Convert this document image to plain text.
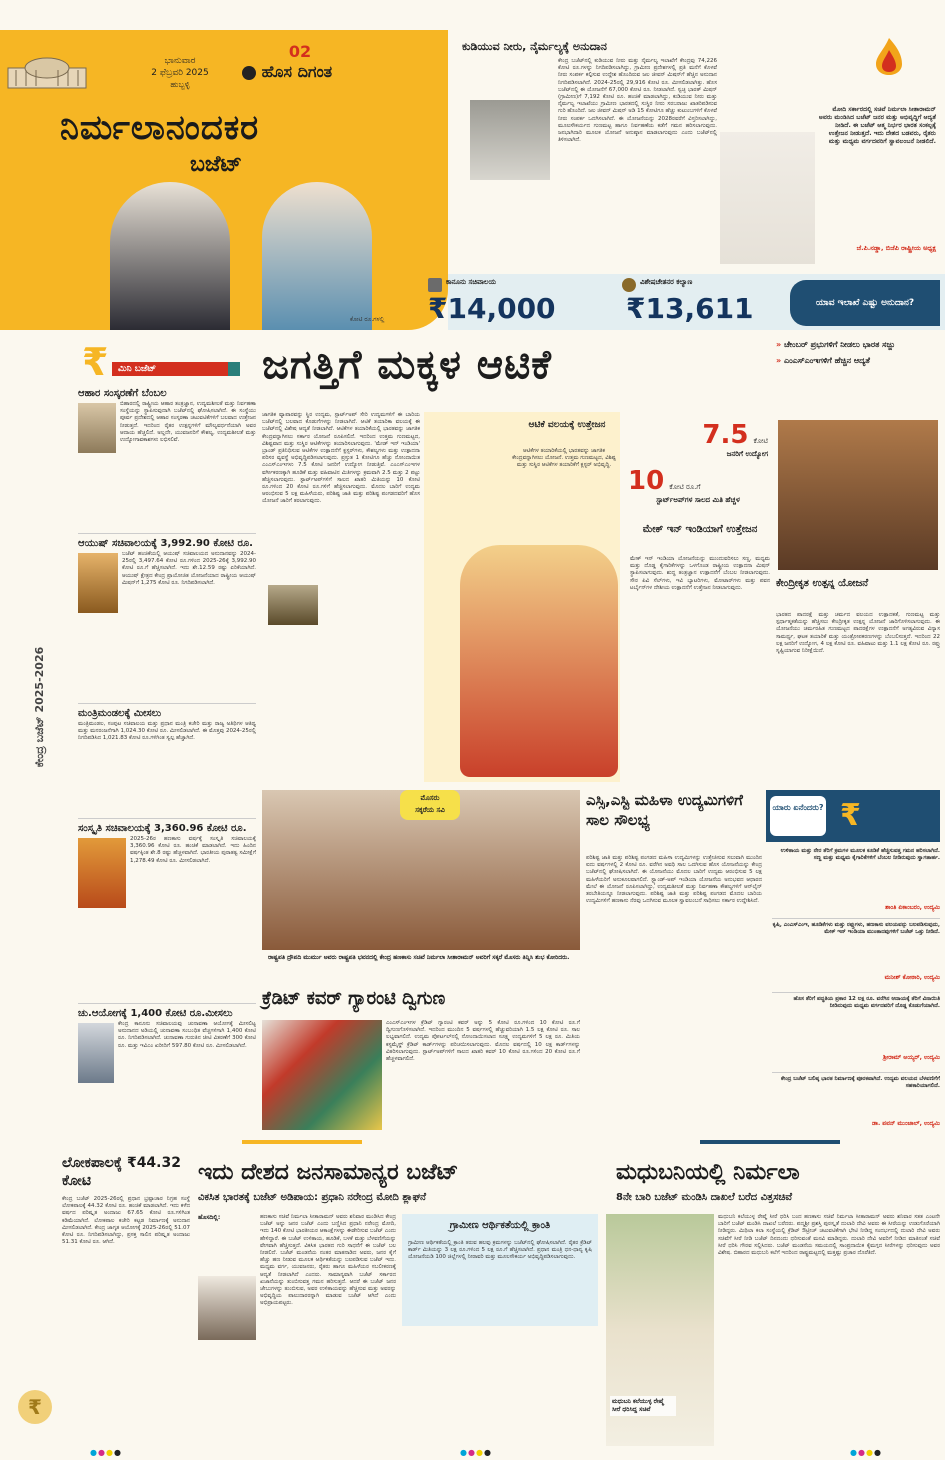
ಭಾನುವಾರ
2 ಫೆಬ್ರವರಿ 2025
ಹುಬ್ಬಳ್ಳಿ
02
ಹೊಸ ದಿಗಂತ
ನಿರ್ಮಲಾನಂದಕರ
ಬಜೆಟ್
ಕೇಂದ್ರ ಬಜೆಟ್ 2025-2026
ಕುಡಿಯುವ ನೀರು, ನೈರ್ಮಲ್ಯಕ್ಕೆ ಅನುದಾನ
ಕೇಂದ್ರ ಬಜೆಟ್‌ನಲ್ಲಿ ಕುಡಿಯುವ ನೀರು ಮತ್ತು ನೈರ್ಮಲ್ಯ ಇಲಾಖೆಗೆ ಕೇಂದ್ರವು 74,226 ಕೋಟಿ ರೂ.ಗಳನ್ನು ನಿಗದಿಪಡಿಸಲಾಗಿದ್ದು, ಗ್ರಾಮೀಣ ಪ್ರದೇಶಗಳಲ್ಲಿ ಪ್ರತಿ ಮನೆಗೆ ಕೊಳವೆ ನೀರು ಸಂಪರ್ಕ ಕಲ್ಪಿಸುವ ಉದ್ದೇಶ ಹೊಂದಿರುವ ಜಲ ಜೀವನ್ ಮಿಷನ್‌ಗೆ ಹೆಚ್ಚಿನ ಅನುದಾನ ನಿಗದಿಪಡಿಸಲಾಗಿದೆ. 2024-25ರಲ್ಲಿ 29,916 ಕೋಟಿ ರೂ. ಮೀಸಲಿಡಲಾಗಿತ್ತು. ಹೊಸ ಬಜೆಟ್‌ನಲ್ಲಿ ಈ ಯೋಜನೆಗೆ 67,000 ಕೋಟಿ ರೂ. ನೀಡಲಾಗಿದೆ. ಸ್ವಚ್ಛ ಭಾರತ್ ಮಿಷನ್ (ಗ್ರಾಮೀಣ)ಗೆ 7,192 ಕೋಟಿ ರೂ. ಹಂಚಿಕೆ ಮಾಡಲಾಗಿದ್ದು, ಕುಡಿಯುವ ನೀರು ಮತ್ತು ನೈರ್ಮಲ್ಯ ಇಲಾಖೆಯು ಗ್ರಾಮೀಣ ಭಾರತದಲ್ಲಿ ಸುಸ್ಥಿರ ನೀರು ಸರಬರಾಜು ಖಾತರಿಪಡಿಸುವ ಗುರಿ ಹೊಂದಿದೆ. ಜಲ ಜೀವನ್ ಮಿಷನ್ ಅಡಿ 15 ಕೋಟಿಗೂ ಹೆಚ್ಚು ಕುಟುಂಬಗಳಿಗೆ ಕೊಳವೆ ನೀರು ಸಂಪರ್ಕ ಒದಗಿಸಲಾಗಿದೆ. ಈ ಯೋಜನೆಯನ್ನು 2028ರವರೆಗೆ ವಿಸ್ತರಿಸಲಾಗಿದ್ದು, ಮೂಲಸೌಕರ್ಯದ ಗುಣಮಟ್ಟ ಹಾಗೂ ನಿರ್ವಹಣೆಯ ಕಡೆಗೆ ಗಮನ ಹರಿಸಲಾಗುವುದು. ಜನಭಾಗಿದಾರಿ ಮೂಲಕ ಯೋಜನೆ ಅನುಷ್ಠಾನ ಮಾಡಲಾಗುವುದು ಎಂದು ಬಜೆಟ್‌ನಲ್ಲಿ ತಿಳಿಸಲಾಗಿದೆ.
ಮೋದಿ ಸರ್ಕಾರದಲ್ಲಿ ಸಚಿವೆ ನಿರ್ಮಲಾ ಸೀತಾರಾಮನ್ ಅವರು ಮಂಡಿಸಿದ ಬಜೆಟ್ ಜನರ ಮತ್ತು ಅಭಿವೃದ್ಧಿಗೆ ಆದ್ಯತೆ ನೀಡಿದೆ. ಈ ಬಜೆಟ್ ಆತ್ಮ ನಿರ್ಭರ ಭಾರತ ಸಂಕಲ್ಪಕ್ಕೆ ಉತ್ತೇಜನ ನೀಡುತ್ತದೆ. ಇದು ದೇಶದ ಬಡವರು, ರೈತರು ಮತ್ತು ಮಧ್ಯಮ ವರ್ಗದವರಿಗೆ ಸ್ವಾವಲಂಬನೆ ನೀಡಲಿದೆ.
ಜೆ.ಪಿ.ನಡ್ಡಾ, ಬಿಜೆಪಿ ರಾಷ್ಟ್ರೀಯ ಅಧ್ಯಕ್ಷ
ಕಾನೂನು ಸಚಿವಾಲಯ
₹14,000
ಕೋಟಿ ರೂ.ಗಳಲ್ಲಿ
ವಿಶೇಷಚೇತನರ ಕಲ್ಯಾಣ
₹13,611	ಯಾವ ಇಲಾಖೆ ಎಷ್ಟು ಅನುದಾನ?
₹	ಮಿನಿ ಬಜೆಟ್
ಆಹಾರ ಸಂಸ್ಕರಣೆಗೆ ಬೆಂಬಲ
ಬಿಹಾರದಲ್ಲಿ ರಾಷ್ಟ್ರೀಯ ಆಹಾರ ತಂತ್ರಜ್ಞಾನ, ಉದ್ಯಮಶೀಲತೆ ಮತ್ತು ನಿರ್ವಹಣಾ ಸಂಸ್ಥೆಯನ್ನು ಸ್ಥಾಪಿಸುವುದಾಗಿ ಬಜೆಟ್‌ನಲ್ಲಿ ಘೋಷಿಸಲಾಗಿದೆ. ಈ ಸಂಸ್ಥೆಯು ಪೂರ್ವ ಪ್ರದೇಶದಲ್ಲಿ ಆಹಾರ ಸಂಸ್ಕರಣಾ ಚಟುವಟಿಕೆಗಳಿಗೆ ಬಲವಾದ ಉತ್ತೇಜನ ನೀಡುತ್ತದೆ. ಇದರಿಂದ ರೈತರ ಉತ್ಪನ್ನಗಳಿಗೆ ಮೌಲ್ಯವರ್ಧನೆಯಾಗಿ ಅವರ ಆದಾಯ ಹೆಚ್ಚಲಿದೆ. ಅಲ್ಲದೇ, ಯುವಜನರಿಗೆ ಕೌಶಲ್ಯ, ಉದ್ಯಮಶೀಲತೆ ಮತ್ತು ಉದ್ಯೋಗಾವಕಾಶಗಳು ಲಭಿಸಲಿವೆ.
ಆಯುಷ್ ಸಚಿವಾಲಯಕ್ಕೆ 3,992.90 ಕೋಟಿ ರೂ.
ಬಜೆಟ್ ಹಂಚಿಕೆಯಲ್ಲಿ ಆಯುಷ್ ಸಚಿವಾಲಯದ ಅನುದಾನವನ್ನು 2024-25ರಲ್ಲಿ 3,497.64 ಕೋಟಿ ರೂ.ಗಳಿಂದ 2025-26ಕ್ಕೆ 3,992.90 ಕೋಟಿ ರೂ.ಗೆ ಹೆಚ್ಚಿಸಲಾಗಿದೆ. ಇದು ಶೇ.12.59 ರಷ್ಟು ಏರಿಕೆಯಾಗಿದೆ. ಆಯುಷ್ ಕ್ಷೇತ್ರದ ಕೇಂದ್ರ ಪ್ರಾಯೋಜಿತ ಯೋಜನೆಯಾದ ರಾಷ್ಟ್ರೀಯ ಆಯುಷ್ ಮಿಷನ್‌ಗೆ 1,275 ಕೋಟಿ ರೂ. ನಿಗದಿಪಡಿಸಲಾಗಿದೆ.
ಮಂತ್ರಿಮಂಡಲಕ್ಕೆ ಮೀಸಲು
ಮಂತ್ರಿಮಂಡಲ, ಸಂಪುಟ ಸಚಿವಾಲಯ ಮತ್ತು ಪ್ರಧಾನ ಮಂತ್ರಿ ಕಚೇರಿ ಮತ್ತು ರಾಜ್ಯ ಅತಿಥಿಗಳ ಆತಿಥ್ಯ ಮತ್ತು ಮನರಂಜನೆಗಾಗಿ 1,024.30 ಕೋಟಿ ರೂ. ಮೀಸಲಿಡಲಾಗಿದೆ. ಈ ಮೊತ್ತವು 2024-25ರಲ್ಲಿ ನಿಗದಿಪಡಿಸಿದ 1,021.83 ಕೋಟಿ ರೂ.ಗಳಿಗಿಂತ ಸ್ವಲ್ಪ ಹೆಚ್ಚಾಗಿದೆ.
ಸಂಸ್ಕೃತಿ ಸಚಿವಾಲಯಕ್ಕೆ 3,360.96 ಕೋಟಿ ರೂ.
2025-26ರ ಹಣಕಾಸು ವರ್ಷಕ್ಕೆ ಸಂಸ್ಕೃತಿ ಸಚಿವಾಲಯಕ್ಕೆ 3,360.96 ಕೋಟಿ ರೂ. ಹಂಚಿಕೆ ಮಾಡಲಾಗಿದೆ. ಇದು ಹಿಂದಿನ ವರ್ಷಕ್ಕಿಂತ ಶೇ.8 ರಷ್ಟು ಹೆಚ್ಚಳವಾಗಿದೆ. ಭಾರತೀಯ ಪುರಾತತ್ವ ಸಮೀಕ್ಷೆಗೆ 1,278.49 ಕೋಟಿ ರೂ. ಮೀಸಲಿಡಲಾಗಿದೆ.
ಚು.ಆಯೋಗಕ್ಕೆ 1,400 ಕೋಟಿ ರೂ.ಮೀಸಲು
ಕೇಂದ್ರ ಕಾನೂನು ಸಚಿವಾಲಯವು ಚುನಾವಣಾ ಆಯೋಗಕ್ಕೆ ಮೀಸಲಿಟ್ಟ ಅನುದಾನದ ಅಡಿಯಲ್ಲಿ ಚುನಾವಣಾ ಸಂಬಂಧಿತ ವೆಚ್ಚಗಳಿಗಾಗಿ 1,400 ಕೋಟಿ ರೂ. ನಿಗದಿಪಡಿಸಲಾಗಿದೆ. ಚುನಾವಣಾ ಗುರುತಿನ ಚೀಟಿ ವಿತರಣೆಗೆ 300 ಕೋಟಿ ರೂ. ಮತ್ತು ಇವಿಎಂ ಖರೀದಿಗೆ 597.80 ಕೋಟಿ ರೂ. ಮೀಸಲಿಡಲಾಗಿದೆ.
ಜಗತ್ತಿಗೆ ಮಕ್ಕಳ ಆಟಿಕೆ
ಜಾಗತಿಕ ವ್ಯಾಪಾರವನ್ನು ಸ್ಥಿರ ಉದ್ಯಮ, ಸ್ಟಾರ್ಟ್‌ಅಪ್ ಸೇರಿ ಉದ್ಯಮಗಳಿಗೆ ಈ ಬಾರಿಯ ಬಜೆಟ್‌ನಲ್ಲಿ ಬಲವಾದ ಕೊಡುಗೆಗಳನ್ನು ನೀಡಲಾಗಿದೆ. ಆಟಿಕೆ ತಯಾರಿಕಾ ವಲಯಕ್ಕೆ ಈ ಬಜೆಟ್‌ನಲ್ಲಿ ವಿಶೇಷ ಆದ್ಯತೆ ನೀಡಲಾಗಿದೆ. ಆಟಿಕೆಗಳ ತಯಾರಿಕೆಯಲ್ಲಿ ಭಾರತವನ್ನು ಜಾಗತಿಕ ಕೇಂದ್ರವನ್ನಾಗಿಸಲು ಸರ್ಕಾರ ಯೋಜನೆ ರೂಪಿಸಲಿದೆ. ಇದರಿಂದ ಉತ್ತಮ ಗುಣಮಟ್ಟದ, ವಿಶಿಷ್ಟವಾದ ಮತ್ತು ಸುಸ್ಥಿರ ಆಟಿಕೆಗಳನ್ನು ತಯಾರಿಸಲಾಗುವುದು. 'ಮೇಡ್ ಇನ್ ಇಂಡಿಯಾ' ಬ್ರಾಂಡ್ ಪ್ರತಿನಿಧಿಸುವ ಆಟಿಕೆಗಳ ಉತ್ಪಾದನೆಗೆ ಕ್ಲಸ್ಟರ್‌ಗಳು, ಕೌಶಲ್ಯಗಳು ಮತ್ತು ಉತ್ಪಾದನಾ ಪರಿಸರ ವ್ಯವಸ್ಥೆ ಅಭಿವೃದ್ಧಿಪಡಿಸಲಾಗುವುದು. ಪ್ರಸ್ತುತ 1 ಕೋಟಿಗೂ ಹೆಚ್ಚು ನೋಂದಾಯಿತ ಎಂಎಸ್‌ಎಂಇಗಳು 7.5 ಕೋಟಿ ಜನರಿಗೆ ಉದ್ಯೋಗ ನೀಡುತ್ತಿವೆ. ಎಂಎಸ್‌ಎಂಇಗಳ ವರ್ಗೀಕರಣಕ್ಕಾಗಿ ಹೂಡಿಕೆ ಮತ್ತು ವಹಿವಾಟಿನ ಮಿತಿಗಳನ್ನು ಕ್ರಮವಾಗಿ 2.5 ಮತ್ತು 2 ಪಟ್ಟು ಹೆಚ್ಚಿಸಲಾಗುವುದು. ಸ್ಟಾರ್ಟ್‌ಅಪ್‌ಗಳಿಗೆ ಸಾಲದ ಖಾತರಿ ಮಿತಿಯನ್ನು 10 ಕೋಟಿ ರೂ.ಗಳಿಂದ 20 ಕೋಟಿ ರೂ.ಗಳಿಗೆ ಹೆಚ್ಚಿಸಲಾಗುವುದು. ಮೊದಲ ಬಾರಿಗೆ ಉದ್ಯಮ ಆರಂಭಿಸುವ 5 ಲಕ್ಷ ಮಹಿಳೆಯರು, ಪರಿಶಿಷ್ಟ ಜಾತಿ ಮತ್ತು ಪರಿಶಿಷ್ಟ ಪಂಗಡದವರಿಗೆ ಹೊಸ ಯೋಜನೆ ಜಾರಿಗೆ ತರಲಾಗುವುದು.
ಆಟಿಕೆ ವಲಯಕ್ಕೆ ಉತ್ತೇಜನ
ಆಟಿಕೆಗಳ ತಯಾರಿಕೆಯಲ್ಲಿ ಭಾರತವನ್ನು ಜಾಗತಿಕ ಕೇಂದ್ರವನ್ನಾಗಿಸಲು ಯೋಜನೆ. ಉತ್ತಮ ಗುಣಮಟ್ಟದ, ವಿಶಿಷ್ಟ ಮತ್ತು ಸುಸ್ಥಿರ ಆಟಿಕೆಗಳ ತಯಾರಿಕೆಗೆ ಕ್ಲಸ್ಟರ್ ಅಭಿವೃದ್ಧಿ.
7.5 ಕೋಟಿ
ಜನರಿಗೆ ಉದ್ಯೋಗ
10 ಕೋಟಿ ರೂ.ಗೆ
ಸ್ಟಾರ್ಟ್‌ಅಪ್‌ಗಳ ಸಾಲದ ಮಿತಿ ಹೆಚ್ಚಳ
ಮೇಕ್ ಇನ್ ಇಂಡಿಯಾಗೆ ಉತ್ತೇಜನ
ಮೇಕ್ ಇನ್ ಇಂಡಿಯಾ ಯೋಜನೆಯನ್ನು ಮುಂದುವರಿಸಲು ಸಣ್ಣ, ಮಧ್ಯಮ ಮತ್ತು ದೊಡ್ಡ ಕೈಗಾರಿಕೆಗಳನ್ನು ಒಳಗೊಂಡ ರಾಷ್ಟ್ರೀಯ ಉತ್ಪಾದನಾ ಮಿಷನ್ ಸ್ಥಾಪಿಸಲಾಗುವುದು. ಶುದ್ಧ ತಂತ್ರಜ್ಞಾನ ಉತ್ಪಾದನೆಗೆ ಬೆಂಬಲ ನೀಡಲಾಗುವುದು. ಸೌರ ಪಿವಿ ಸೆಲ್‌ಗಳು, ಇವಿ ಬ್ಯಾಟರಿಗಳು, ಮೋಟಾರ್‌ಗಳು ಮತ್ತು ಪವನ ಟರ್ಬೈನ್‌ಗಳ ದೇಶೀಯ ಉತ್ಪಾದನೆಗೆ ಉತ್ತೇಜನ ನೀಡಲಾಗುವುದು.
» ಚೇಂಬರ್ ಪ್ರಭುಗಳಿಗೆ ನೀಡಲು ಭಾರತ ಸಜ್ಜು
» ಎಂಎಸ್‌ಎಂಇಗಳಿಗೆ ಹೆಚ್ಚಿನ ಆದ್ಯತೆ
ಕೇಂದ್ರೀಕೃತ ಉತ್ಪನ್ನ ಯೋಜನೆ
ಭಾರತದ ಪಾದರಕ್ಷೆ ಮತ್ತು ಚರ್ಮದ ವಲಯದ ಉತ್ಪಾದಕತೆ, ಗುಣಮಟ್ಟ ಮತ್ತು ಸ್ಪರ್ಧಾತ್ಮಕತೆಯನ್ನು ಹೆಚ್ಚಿಸಲು ಕೇಂದ್ರೀಕೃತ ಉತ್ಪನ್ನ ಯೋಜನೆ ಜಾರಿಗೊಳಿಸಲಾಗುವುದು. ಈ ಯೋಜನೆಯು ಚರ್ಮರಹಿತ ಗುಣಮಟ್ಟದ ಪಾದರಕ್ಷೆಗಳ ಉತ್ಪಾದನೆಗೆ ಅಗತ್ಯವಿರುವ ವಿನ್ಯಾಸ ಸಾಮರ್ಥ್ಯ, ಘಟಕ ತಯಾರಿಕೆ ಮತ್ತು ಯಂತ್ರೋಪಕರಣಗಳನ್ನು ಬೆಂಬಲಿಸುತ್ತದೆ. ಇದರಿಂದ 22 ಲಕ್ಷ ಜನರಿಗೆ ಉದ್ಯೋಗ, 4 ಲಕ್ಷ ಕೋಟಿ ರೂ. ವಹಿವಾಟು ಮತ್ತು 1.1 ಲಕ್ಷ ಕೋಟಿ ರೂ. ರಫ್ತು ಸೃಷ್ಟಿಯಾಗುವ ನಿರೀಕ್ಷೆಯಿದೆ.
ಮೊಸರು
ಸಕ್ಕರೆಯ ಸವಿ
ರಾಷ್ಟ್ರಪತಿ ದ್ರೌಪದಿ ಮುರ್ಮು ಅವರು ರಾಷ್ಟ್ರಪತಿ ಭವನದಲ್ಲಿ ಕೇಂದ್ರ ಹಣಕಾಸು ಸಚಿವೆ ನಿರ್ಮಲಾ ಸೀತಾರಾಮನ್ ಅವರಿಗೆ ಸಕ್ಕರೆ ಮೊಸರು ತಿನ್ನಿಸಿ ಶುಭ ಕೋರಿದರು.
ಕ್ರೆಡಿಟ್ ಕವರ್ ಗ್ಯಾರಂಟಿ ದ್ವಿಗುಣ
ಎಂಎಸ್‌ಎಂಇಗಳ ಕ್ರೆಡಿಟ್ ಗ್ಯಾರಂಟಿ ಕವರ್ ಅನ್ನು 5 ಕೋಟಿ ರೂ.ಗಳಿಂದ 10 ಕೋಟಿ ರೂ.ಗೆ ದ್ವಿಗುಣಗೊಳಿಸಲಾಗಿದೆ. ಇದರಿಂದ ಮುಂದಿನ 5 ವರ್ಷಗಳಲ್ಲಿ ಹೆಚ್ಚುವರಿಯಾಗಿ 1.5 ಲಕ್ಷ ಕೋಟಿ ರೂ. ಸಾಲ ಲಭ್ಯವಾಗಲಿದೆ. ಉದ್ಯಮ ಪೋರ್ಟಲ್‌ನಲ್ಲಿ ನೋಂದಾಯಿಸಲಾದ ಸೂಕ್ಷ್ಮ ಉದ್ಯಮಗಳಿಗೆ 5 ಲಕ್ಷ ರೂ. ಮಿತಿಯ ಕಸ್ಟಮೈಸ್ಡ್ ಕ್ರೆಡಿಟ್ ಕಾರ್ಡ್‌ಗಳನ್ನು ಪರಿಚಯಿಸಲಾಗುವುದು. ಮೊದಲ ವರ್ಷದಲ್ಲಿ 10 ಲಕ್ಷ ಕಾರ್ಡ್‌ಗಳನ್ನು ವಿತರಿಸಲಾಗುವುದು. ಸ್ಟಾರ್ಟ್‌ಅಪ್‌ಗಳಿಗೆ ಸಾಲದ ಖಾತರಿ ಕವರ್ 10 ಕೋಟಿ ರೂ.ಗಳಿಂದ 20 ಕೋಟಿ ರೂ.ಗೆ ಹೆಚ್ಚಳವಾಗಲಿದೆ.
ಎಸ್ಸಿ,ಎಸ್ಟಿ ಮಹಿಳಾ ಉದ್ಯಮಿಗಳಿಗೆ ಸಾಲ ಸೌಲಭ್ಯ
ಪರಿಶಿಷ್ಟ ಜಾತಿ ಮತ್ತು ಪರಿಶಿಷ್ಟ ಪಂಗಡದ ಮಹಿಳಾ ಉದ್ಯಮಿಗಳನ್ನು ಉತ್ತೇಜಿಸುವ ಸಲುವಾಗಿ ಮುಂದಿನ ಐದು ವರ್ಷಗಳಲ್ಲಿ 2 ಕೋಟಿ ರೂ. ವರೆಗಿನ ಅವಧಿ ಸಾಲ ಒದಗಿಸುವ ಹೊಸ ಯೋಜನೆಯನ್ನು ಕೇಂದ್ರ ಬಜೆಟ್‌ನಲ್ಲಿ ಘೋಷಿಸಲಾಗಿದೆ. ಈ ಯೋಜನೆಯು ಮೊದಲ ಬಾರಿಗೆ ಉದ್ಯಮ ಆರಂಭಿಸುವ 5 ಲಕ್ಷ ಮಹಿಳೆಯರಿಗೆ ಅನುಕೂಲವಾಗಲಿದೆ. ಸ್ಟ್ಯಾಂಡ್-ಅಪ್ ಇಂಡಿಯಾ ಯೋಜನೆಯ ಅನುಭವದ ಆಧಾರದ ಮೇಲೆ ಈ ಯೋಜನೆ ರೂಪಿಸಲಾಗಿದ್ದು, ಉದ್ಯಮಶೀಲತೆ ಮತ್ತು ನಿರ್ವಹಣಾ ಕೌಶಲ್ಯಗಳಿಗೆ ಆನ್‌ಲೈನ್ ತರಬೇತಿಯನ್ನೂ ನೀಡಲಾಗುವುದು. ಪರಿಶಿಷ್ಟ ಜಾತಿ ಮತ್ತು ಪರಿಶಿಷ್ಟ ಪಂಗಡದ ಮೊದಲ ಬಾರಿಯ ಉದ್ಯಮಿಗಳಿಗೆ ಹಣಕಾಸು ನೆರವು ಒದಗಿಸುವ ಮೂಲಕ ಸ್ವಾವಲಂಬನೆ ಸಾಧಿಸಲು ಸರ್ಕಾರ ಉದ್ದೇಶಿಸಿದೆ.
ಯಾರು ಏನೆಂದರು? ₹
ಉಳಿತಾಯ ಮತ್ತು ನೇರ ತೆರಿಗೆ ಕ್ರಮಗಳ ಮೂಲಕ ಕೂಡಿಕೆ ಹೆಚ್ಚಿಸುವತ್ತ ಗಮನ ಹರಿಸಲಾಗಿದೆ. ಸಣ್ಣ ಮತ್ತು ಮಧ್ಯಮ ಕೈಗಾರಿಕೆಗಳಿಗೆ ಬೆಂಬಲ ನೀಡಿರುವುದು ಸ್ವಾಗತಾರ್ಹ.
ಶಾಂತಿ ಏಕಾಂಬರಂ, ಉದ್ಯಮಿ
ಕೃಷಿ, ಎಂಎಸ್‌ಎಂಇ, ಹೂಡಿಕೆಗಳು ಮತ್ತು ರಫ್ತುಗಳು, ಹಣಕಾಸು ವಲಯವನ್ನು ಬಲಪಡಿಸುವುದು, ಮೇಕ್ ಇನ್ ಇಂಡಿಯಾ ಮುಂತಾದವುಗಳಿಗೆ ಬಜೆಟ್ ಒತ್ತು ನೀಡಿದೆ.
ಮನೀಶ್ ಕೋಠಾರಿ, ಉದ್ಯಮಿ
ಹೊಸ ತೆರಿಗೆ ಪದ್ಧತಿಯ ಪ್ರಕಾರ 12 ಲಕ್ಷ ರೂ. ವರೆಗಿನ ಆದಾಯಕ್ಕೆ ತೆರಿಗೆ ವಿನಾಯಿತಿ ನೀಡಿರುವುದು ಮಧ್ಯಮ ವರ್ಗದವರಿಗೆ ದೊಡ್ಡ ಕೊಡುಗೆಯಾಗಿದೆ.
ಶ್ರೀರಾಮ್ ಅಯ್ಯರ್, ಉದ್ಯಮಿ
ಕೇಂದ್ರ ಬಜೆಟ್ ಬಲಿಷ್ಠ ಭಾರತ ನಿರ್ಮಾಣಕ್ಕೆ ಪೂರಕವಾಗಿದೆ. ಉದ್ಯಮ ವಲಯದ ಬೆಳವಣಿಗೆಗೆ ಸಹಕಾರಿಯಾಗಲಿದೆ.
ಡಾ. ಪವನ್ ಮುಂಜಾಲ್, ಉದ್ಯಮಿ
ಲೋಕಪಾಲಕ್ಕೆ ₹44.32 ಕೋಟಿ
ಕೇಂದ್ರ ಬಜೆಟ್ 2025-26ರಲ್ಲಿ ಪ್ರಧಾನ ಭ್ರಷ್ಟಾಚಾರ ನಿಗ್ರಹ ಸಂಸ್ಥೆ ಲೋಕಪಾಲಕ್ಕೆ 44.32 ಕೋಟಿ ರೂ. ಹಂಚಿಕೆ ಮಾಡಲಾಗಿದೆ. ಇದು ಕಳೆದ ವರ್ಷದ ಪರಿಷ್ಕೃತ ಅಂದಾಜು 67.65 ಕೋಟಿ ರೂ.ಗಳಿಗಿಂತ ಕಡಿಮೆಯಾಗಿದೆ. ಲೋಕಪಾಲ ಕಚೇರಿ ಕಟ್ಟಡ ನಿರ್ಮಾಣಕ್ಕೆ ಅನುದಾನ ಮೀಸಲಿಡಲಾಗಿದೆ. ಕೇಂದ್ರ ಜಾಗೃತ ಆಯೋಗಕ್ಕೆ 2025-26ರಲ್ಲಿ 51.07 ಕೋಟಿ ರೂ. ನಿಗದಿಪಡಿಸಲಾಗಿದ್ದು, ಪ್ರಸಕ್ತ ಸಾಲಿನ ಪರಿಷ್ಕೃತ ಅಂದಾಜು 51.31 ಕೋಟಿ ರೂ. ಆಗಿದೆ.
₹
ಇದು ದೇಶದ ಜನಸಾಮಾನ್ಯರ ಬಜೆಟ್
ವಿಕಸಿತ ಭಾರತಕ್ಕೆ ಬಜೆಟ್ ಅಡಿಪಾಯ: ಪ್ರಧಾನಿ ನರೇಂದ್ರ ಮೋದಿ ಶ್ಲಾಘನೆ
ಹೊಸದಿಲ್ಲಿ:	ಹಣಕಾಸು ಸಚಿವೆ ನಿರ್ಮಲಾ ಸೀತಾರಾಮನ್ ಅವರು ಶನಿವಾರ ಮಂಡಿಸಿದ ಕೇಂದ್ರ ಬಜೆಟ್ ಅನ್ನು ಜನರ ಬಜೆಟ್ ಎಂದು ಬಣ್ಣಿಸಿದ ಪ್ರಧಾನಿ ನರೇಂದ್ರ ಮೋದಿ, ಇದು 140 ಕೋಟಿ ಭಾರತೀಯರ ಆಕಾಂಕ್ಷೆಗಳನ್ನು ಈಡೇರಿಸುವ ಬಜೆಟ್ ಎಂದು ಹೇಳಿದ್ದಾರೆ. ಈ ಬಜೆಟ್ ಉಳಿತಾಯ, ಹೂಡಿಕೆ, ಬಳಕೆ ಮತ್ತು ಬೆಳವಣಿಗೆಯನ್ನು ವೇಗವಾಗಿ ಹೆಚ್ಚಿಸುತ್ತದೆ. ವಿಕಸಿತ ಭಾರತದ ಗುರಿ ಸಾಧನೆಗೆ ಈ ಬಜೆಟ್ ಬಲ ನೀಡಲಿದೆ. ಬಜೆಟ್ ಮಂಡನೆಯ ನಂತರ ಮಾತನಾಡಿದ ಅವರು, ಜನರ ಕೈಗೆ ಹೆಚ್ಚು ಹಣ ನೀಡುವ ಮೂಲಕ ಆರ್ಥಿಕತೆಯನ್ನು ಬಲಪಡಿಸುವ ಬಜೆಟ್ ಇದು. ಮಧ್ಯಮ ವರ್ಗ, ಯುವಜನರು, ರೈತರು ಹಾಗೂ ಮಹಿಳೆಯರ ಸಬಲೀಕರಣಕ್ಕೆ ಆದ್ಯತೆ ನೀಡಲಾಗಿದೆ ಎಂದರು. ಸಾಮಾನ್ಯವಾಗಿ ಬಜೆಟ್ ಸರ್ಕಾರದ ಖಜಾನೆಯನ್ನು ತುಂಬಿಸುವತ್ತ ಗಮನ ಹರಿಸುತ್ತದೆ. ಆದರೆ ಈ ಬಜೆಟ್ ಜನರ ಜೇಬುಗಳನ್ನು ತುಂಬಿಸುವ, ಅವರ ಉಳಿತಾಯವನ್ನು ಹೆಚ್ಚಿಸುವ ಮತ್ತು ಅವರನ್ನು ಅಭಿವೃದ್ಧಿಯ ಪಾಲುದಾರರನ್ನಾಗಿ ಮಾಡುವ ಬಜೆಟ್ ಆಗಿದೆ ಎಂದು ಅಭಿಪ್ರಾಯಪಟ್ಟರು.
ಗ್ರಾಮೀಣ ಆರ್ಥಿಕತೆಯಲ್ಲಿ ಕ್ರಾಂತಿ
ಗ್ರಾಮೀಣ ಆರ್ಥಿಕತೆಯಲ್ಲಿ ಕ್ರಾಂತಿ ತರುವ ಹಲವು ಕ್ರಮಗಳನ್ನು ಬಜೆಟ್‌ನಲ್ಲಿ ಘೋಷಿಸಲಾಗಿದೆ. ರೈತರ ಕ್ರೆಡಿಟ್ ಕಾರ್ಡ್ ಮಿತಿಯನ್ನು 3 ಲಕ್ಷ ರೂ.ಗಳಿಂದ 5 ಲಕ್ಷ ರೂ.ಗೆ ಹೆಚ್ಚಿಸಲಾಗಿದೆ. ಪ್ರಧಾನ ಮಂತ್ರಿ ಧನ-ಧಾನ್ಯ ಕೃಷಿ ಯೋಜನೆಯಡಿ 100 ಜಿಲ್ಲೆಗಳಲ್ಲಿ ನೀರಾವರಿ ಮತ್ತು ಮೂಲಸೌಕರ್ಯ ಅಭಿವೃದ್ಧಿಪಡಿಸಲಾಗುವುದು.
ಮಧುಬನಿಯಲ್ಲಿ ನಿರ್ಮಲಾ
8ನೇ ಬಾರಿ ಬಜೆಟ್ ಮಂಡಿಸಿ ದಾಖಲೆ ಬರೆದ ವಿತ್ತಸಚಿವೆ
ಮಧುಬನಿ ಕಲೆಯುಳ್ಳ ರೇಷ್ಮೆ ಸೀರೆ ಧರಿಸಿದ್ದ ಸಚಿವೆ
ಮಧುಬನಿ ಕಲೆಯುಳ್ಳ ರೇಷ್ಮೆ ಸೀರೆ ಧರಿಸಿ ಬಂದ ಹಣಕಾಸು ಸಚಿವೆ ನಿರ್ಮಲಾ ಸೀತಾರಾಮನ್ ಅವರು ಶನಿವಾರ ಸತತ ಎಂಟನೇ ಬಾರಿಗೆ ಬಜೆಟ್ ಮಂಡಿಸಿ ದಾಖಲೆ ಬರೆದರು. ಪದ್ಮಶ್ರೀ ಪ್ರಶಸ್ತಿ ಪುರಸ್ಕೃತೆ ದುಲಾರಿ ದೇವಿ ಅವರು ಈ ಸೀರೆಯನ್ನು ಉಡುಗೊರೆಯಾಗಿ ನೀಡಿದ್ದರು. ಮಿಥಿಲಾ ಕಲಾ ಸಂಸ್ಥೆಯಲ್ಲಿ ಕ್ರೆಡಿಟ್ ಔಟ್ರೀಚ್ ಚಟುವಟಿಕೆಗಾಗಿ ಭೇಟಿ ನೀಡಿದ್ದ ಸಂದರ್ಭದಲ್ಲಿ ದುಲಾರಿ ದೇವಿ ಅವರು ಸಚಿವೆಗೆ ಸೀರೆ ನೀಡಿ ಬಜೆಟ್ ದಿನದಂದು ಧರಿಸುವಂತೆ ಮನವಿ ಮಾಡಿದ್ದರು. ದುಲಾರಿ ದೇವಿ ಅವರಿಗೆ ನೀಡಿದ ಮಾತಿನಂತೆ ಸಚಿವೆ ಸೀರೆ ಧರಿಸಿ ಗೌರವ ಸಲ್ಲಿಸಿದರು. ಬಜೆಟ್ ಮಂಡನೆಯ ಸಮಯದಲ್ಲಿ ಸಾಂಪ್ರದಾಯಿಕ ಕೈಮಗ್ಗದ ಸೀರೆಗಳನ್ನು ಧರಿಸುವುದು ಅವರ ವಿಶೇಷ. ಬಿಹಾರದ ಮಧುಬನಿ ಕಲೆಗೆ ಇದರಿಂದ ರಾಷ್ಟ್ರಮಟ್ಟದಲ್ಲಿ ಮತ್ತಷ್ಟು ಪ್ರಚಾರ ದೊರೆತಿದೆ.
●●●●	●●●●	●●●●
